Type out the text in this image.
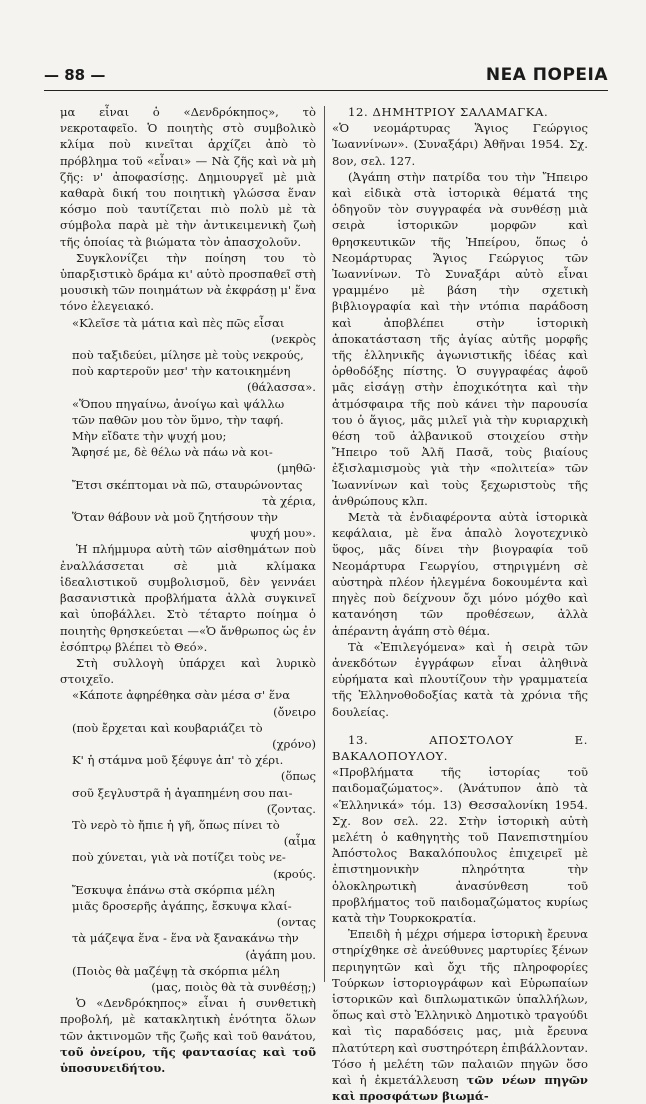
— 88 —	ΝΕΑ ΠΟΡΕΙΑ

μα εἶναι ὁ «Δενδρόκηπος», τὸ νεκροταφεῖο. Ὁ ποιητὴς στὸ συμβολικὸ κλίμα ποὺ κινεῖται ἀρχίζει ἀπὸ τὸ πρόβλημα τοῦ «εἶναι» — Νὰ ζῆς καὶ νὰ μὴ ζῆς: ν' ἀποφασίσῃς. Δημιουργεῖ μὲ μιὰ καθαρὰ δική του ποιητικὴ γλώσσα ἕναν κόσμο ποὺ ταυτίζεται πιὸ πολὺ μὲ τὰ σύμβολα παρὰ μὲ τὴν ἀντικειμενικὴ ζωὴ τῆς ὁποίας τὰ βιώματα τὸν ἀπασχολοῦν.

Συγκλονίζει τὴν ποίηση του τὸ ὑπαρξιστικὸ δράμα κι' αὐτὸ προσπαθεῖ στὴ μουσικὴ τῶν ποιημάτων νὰ ἐκφράσῃ μ' ἕνα τόνο ἐλεγειακό.

«Κλεῖσε τὰ μάτια καὶ πὲς πῶς εἶσαι
(νεκρὸς
ποὺ ταξιδεύει, μίλησε μὲ τοὺς νεκρούς,
ποὺ καρτεροῦν μεσ' τὴν κατοικημένη
(θάλασσα».
«Ὅπου πηγαίνω, ἀνοίγω καὶ ψάλλω
τῶν παθῶν μου τὸν ὕμνο, τὴν ταφή.
Μὴν εἴδατε τὴν ψυχή μου;
Ἄφησέ με, δὲ θέλω νὰ πάω νὰ κοι-
(μηθῶ·
Ἔτσι σκέπτομαι νὰ πῶ, σταυρώνοντας
τὰ χέρια,
Ὅταν θάβουν νὰ μοῦ ζητήσουν τὴν
ψυχή μου».

Ἡ πλήμμυρα αὐτὴ τῶν αἰσθημάτων ποὺ ἐναλλάσσεται σὲ μιὰ κλίμακα ἰδεαλιστικοῦ συμβολισμοῦ, δὲν γεννάει βασανιστικὰ προβλήματα ἀλλὰ συγκινεῖ καὶ ὑποβάλλει. Στὸ τέταρτο ποίημα ὁ ποιητὴς θρησκεύεται —«Ὁ ἄνθρωπος ὡς ἐν ἐσόπτρῳ βλέπει τὸ Θεό».

Στὴ συλλογὴ ὑπάρχει καὶ λυρικὸ στοιχεῖο.

«Κάποτε ἀφηρέθηκα σὰν μέσα σ' ἕνα
(ὄνειρο
(ποὺ ἔρχεται καὶ κουβαριάζει τὸ
(χρόνο)
Κ' ἡ στάμνα μοῦ ξέφυγε ἀπ' τὸ χέρι.
(ὅπως
σοῦ ξεγλυστρᾶ ἡ ἀγαπημένη σου παι-
(ζοντας.
Τὸ νερὸ τὸ ἤπιε ἡ γῆ, ὅπως πίνει τὸ
(αἷμα
ποὺ χύνεται, γιὰ νὰ ποτίζει τοὺς νε-
(κρούς.
Ἔσκυψα ἐπάνω στὰ σκόρπια μέλη
μιᾶς δροσερῆς ἀγάπης, ἔσκυψα κλαί-
(οντας
τὰ μάζεψα ἕνα - ἕνα νὰ ξανακάνω τὴν
(ἀγάπη μου.
(Ποιὸς θὰ μαζέψῃ τὰ σκόρπια μέλη
(μας, ποιὸς θὰ τὰ συνθέσῃ;)

Ὁ «Δενδρόκηπος» εἶναι ἡ συνθετικὴ προβολή, μὲ κατακλητικὴ ἑνότητα ὅλων τῶν ἀκτινομῶν τῆς ζωῆς καὶ τοῦ θανάτου, τοῦ ὀνείρου, τῆς φαντασίας καὶ τοῦ ὑποσυνειδήτου.

12. ΔΗΜΗΤΡΙΟΥ ΣΑΛΑΜΑΓΚΑ.

«Ὁ νεομάρτυρας Ἅγιος Γεώργιος Ἰωαννίνων». (Συναξάρι) Ἀθῆναι 1954. Σχ. 8ον, σελ. 127.

(Ἀγάπη στὴν πατρίδα του τὴν Ἤπειρο καὶ εἰδικὰ στὰ ἱστορικὰ θέματά της ὁδηγοῦν τὸν συγγραφέα νὰ συνθέσῃ μιὰ σειρὰ ἱστορικῶν μορφῶν καὶ θρησκευτικῶν τῆς Ἠπείρου, ὅπως ὁ Νεομάρτυρας Ἅγιος Γεώργιος τῶν Ἰωαννίνων. Τὸ Συναξάρι αὐτὸ εἶναι γραμμένο μὲ βάση τὴν σχετικὴ βιβλιογραφία καὶ τὴν ντόπια παράδοση καὶ ἀποβλέπει στὴν ἱστορικὴ ἀποκατάσταση τῆς ἁγίας αὐτῆς μορφῆς τῆς ἑλληνικῆς ἀγωνιστικῆς ἰδέας καὶ ὀρθοδόξης πίστης. Ὁ συγγραφέας ἀφοῦ μᾶς εἰσάγῃ στὴν ἐποχικότητα καὶ τὴν ἀτμόσφαιρα τῆς ποὺ κάνει τὴν παρουσία του ὁ ἅγιος, μᾶς μιλεῖ γιὰ τὴν κυριαρχικὴ θέση τοῦ ἀλβανικοῦ στοιχείου στὴν Ἤπειρο τοῦ Ἀλῆ Πασᾶ, τοὺς βιαίους ἐξισλαμισμοὺς γιὰ τὴν «πολιτεία» τῶν Ἰωαννίνων καὶ τοὺς ξεχωριστοὺς τῆς ἀνθρώπους κλπ.

Μετὰ τὰ ἐνδιαφέροντα αὐτὰ ἱστορικὰ κεφάλαια, μὲ ἕνα ἁπαλὸ λογοτεχνικὸ ὕφος, μᾶς δίνει τὴν βιογραφία τοῦ Νεομάρτυρα Γεωργίου, στηριγμένη σὲ αὐστηρὰ πλέον ἠλεγμένα δοκουμέντα καὶ πηγὲς ποὺ δείχνουν ὄχι μόνο μόχθο καὶ κατανόηση τῶν προθέσεων, ἀλλὰ ἀπέραντη ἀγάπη στὸ θέμα.

Τὰ «Ἐπιλεγόμενα» καὶ ἡ σειρὰ τῶν ἀνεκδότων ἐγγράφων εἶναι ἀληθινὰ εὑρήματα καὶ πλουτίζουν τὴν γραμματεία τῆς Ἑλληνοθοδοξίας κατὰ τὰ χρόνια τῆς δουλείας.

13. ΑΠΟΣΤΟΛΟΥ Ε. ΒΑΚΑΛΟΠΟΥΛΟΥ.

«Προβλήματα τῆς ἱστορίας τοῦ παιδομαζώματος». (Ἀνάτυπον ἀπὸ τὰ «Ἑλληνικά» τόμ. 13) Θεσσαλονίκη 1954. Σχ. 8ον σελ. 22. Στὴν ἱστορικὴ αὐτὴ μελέτη ὁ καθηγητὴς τοῦ Πανεπιστημίου Ἀπόστολος Βακαλόπουλος ἐπιχειρεῖ μὲ ἐπιστημονικὴν πληρότητα τὴν ὁλοκληρωτικὴ ἀνασύνθεση τοῦ προβλήματος τοῦ παιδομαζώματος κυρίως κατὰ τὴν Τουρκοκρατία.

Ἐπειδὴ ἡ μέχρι σήμερα ἱστορικὴ ἔρευνα στηρίχθηκε σὲ ἀνεύθυνες μαρτυρίες ξένων περιηγητῶν καὶ ὄχι τῆς πληροφορίες Τούρκων ἱστοριογράφων καὶ Εὐρωπαίων ἱστορικῶν καὶ διπλωματικῶν ὑπαλλήλων, ὅπως καὶ στὸ Ἑλληνικὸ Δημοτικὸ τραγούδι καὶ τὶς παραδόσεις μας, μιὰ ἔρευνα πλατύτερη καὶ συστηρότερη ἐπιβάλλονταν. Τόσο ἡ μελέτη τῶν παλαιῶν πηγῶν ὅσο καὶ ἡ ἐκμετάλλευση τῶν νέων πηγῶν καὶ προσφάτων βιωμά-
